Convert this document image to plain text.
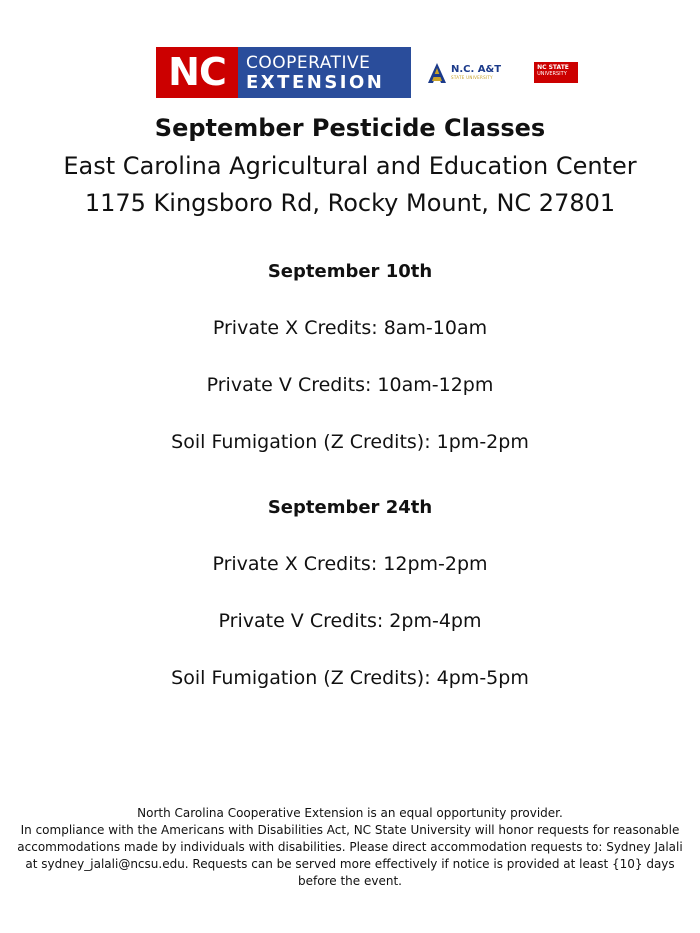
NC	COOPERATIVE
EXTENSION
N.C. A&T
STATE UNIVERSITY
NC STATE
UNIVERSITY
September Pesticide Classes
East Carolina Agricultural and Education Center
1175 Kingsboro Rd, Rocky Mount, NC 27801
September 10th
Private X Credits: 8am-10am
Private V Credits: 10am-12pm
Soil Fumigation (Z Credits): 1pm-2pm
September 24th
Private X Credits: 12pm-2pm
Private V Credits: 2pm-4pm
Soil Fumigation (Z Credits): 4pm-5pm
North Carolina Cooperative Extension is an equal opportunity provider.
In compliance with the Americans with Disabilities Act, NC State University will honor requests for reasonable
accommodations made by individuals with disabilities. Please direct accommodation requests to: Sydney Jalali
at sydney_jalali@ncsu.edu. Requests can be served more effectively if notice is provided at least {10} days
before the event.
